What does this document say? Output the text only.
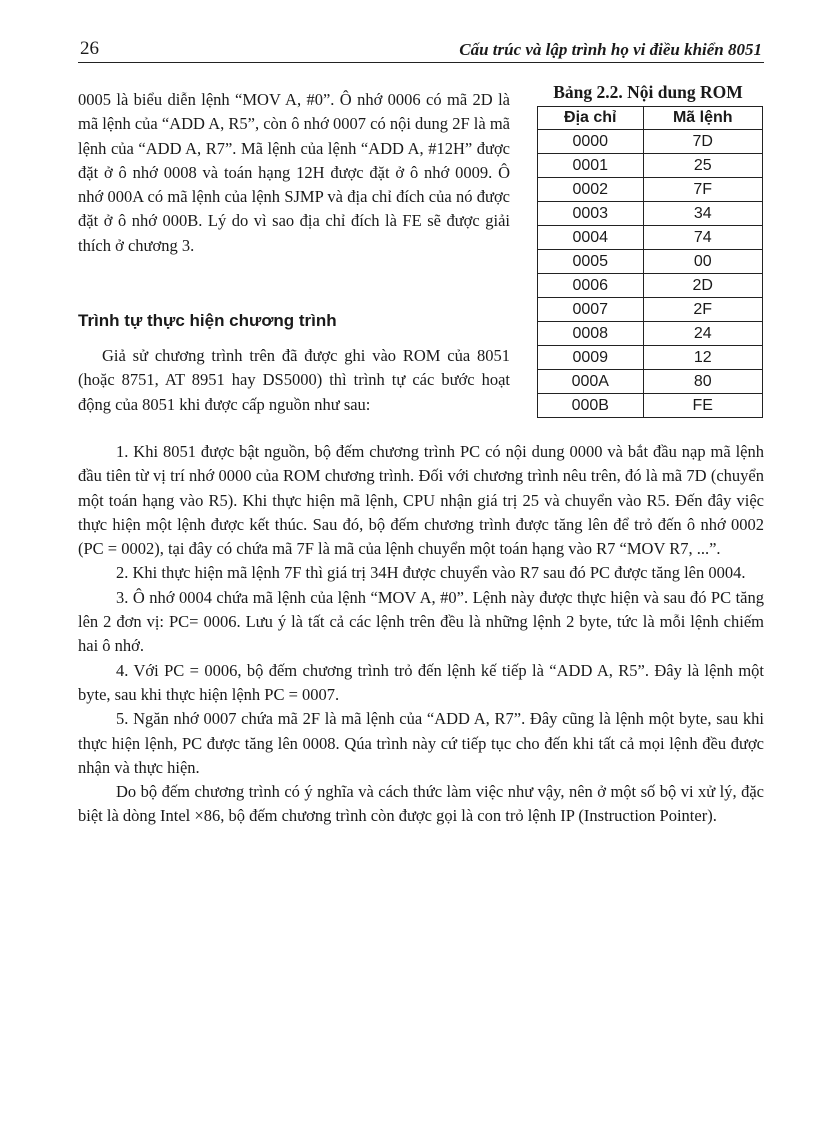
26	Cấu trúc và lập trình họ vi điều khiển 8051

0005 là biểu diễn lệnh “MOV A, #0”. Ô nhớ 0006 có mã 2D là mã lệnh của “ADD A, R5”, còn ô nhớ 0007 có nội dung 2F là mã lệnh của “ADD A, R7”. Mã lệnh của lệnh “ADD A, #12H” được đặt ở ô nhớ 0008 và toán hạng 12H được đặt ở ô nhớ 0009. Ô nhớ 000A có mã lệnh của lệnh SJMP và địa chỉ đích của nó được đặt ở ô nhớ 000B. Lý do vì sao địa chỉ đích là FE sẽ được giải thích ở chương 3.

Trình tự thực hiện chương trình

Giả sử chương trình trên đã được ghi vào ROM của 8051 (hoặc 8751, AT 8951 hay DS5000) thì trình tự các bước hoạt động của 8051 khi được cấp nguồn như sau:

Bảng 2.2. Nội dung ROM
Địa chỉ	Mã lệnh
0000	7D
0001	25
0002	7F
0003	34
0004	74
0005	00
0006	2D
0007	2F
0008	24
0009	12
000A	80
000B	FE

1. Khi 8051 được bật nguồn, bộ đếm chương trình PC có nội dung 0000 và bắt đầu nạp mã lệnh đầu tiên từ vị trí nhớ 0000 của ROM chương trình. Đối với chương trình nêu trên, đó là mã 7D (chuyển một toán hạng vào R5). Khi thực hiện mã lệnh, CPU nhận giá trị 25 và chuyển vào R5. Đến đây việc thực hiện một lệnh được kết thúc. Sau đó, bộ đếm chương trình được tăng lên để trỏ đến ô nhớ 0002 (PC = 0002), tại đây có chứa mã 7F là mã của lệnh chuyển một toán hạng vào R7 “MOV R7, ...”.

2. Khi thực hiện mã lệnh 7F thì giá trị 34H được chuyển vào R7 sau đó PC được tăng lên 0004.

3. Ô nhớ 0004 chứa mã lệnh của lệnh “MOV A, #0”. Lệnh này được thực hiện và sau đó PC tăng lên 2 đơn vị: PC= 0006. Lưu ý là tất cả các lệnh trên đều là những lệnh 2 byte, tức là mỗi lệnh chiếm hai ô nhớ.

4. Với PC = 0006, bộ đếm chương trình trỏ đến lệnh kế tiếp là “ADD A, R5”. Đây là lệnh một byte, sau khi thực hiện lệnh PC = 0007.

5. Ngăn nhớ 0007 chứa mã 2F là mã lệnh của “ADD A, R7”. Đây cũng là lệnh một byte, sau khi thực hiện lệnh, PC được tăng lên 0008. Qúa trình này cứ tiếp tục cho đến khi tất cả mọi lệnh đều được nhận và thực hiện.

Do bộ đếm chương trình có ý nghĩa và cách thức làm việc như vậy, nên ở một số bộ vi xử lý, đặc biệt là dòng Intel ×86, bộ đếm chương trình còn được gọi là con trỏ lệnh IP (Instruction Pointer).
